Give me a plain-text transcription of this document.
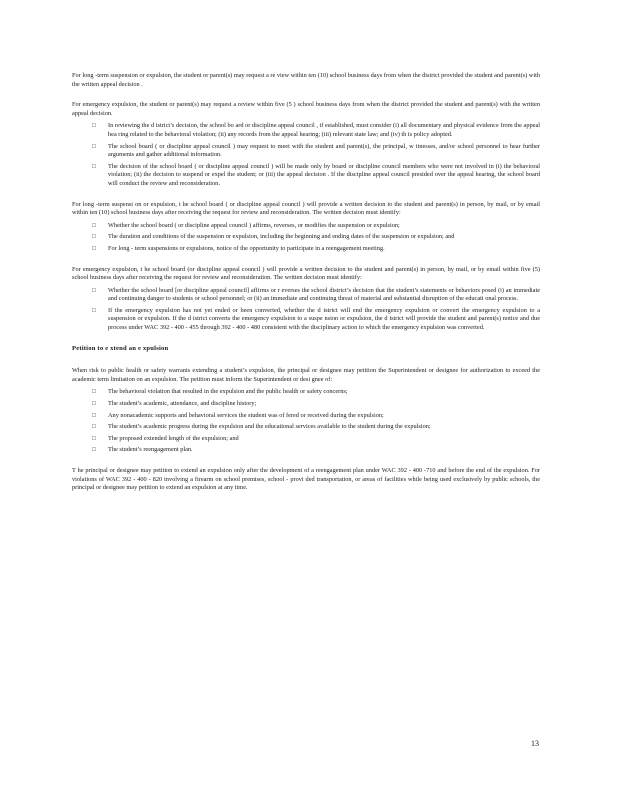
For long -term suspension or expulsion, the student or parent(s) may request a re view within ten (10) school business days from when the district provided the student and parent(s) with the written appeal decision .

For emergency expulsion, the student or parent(s) may request a review within five (5 ) school business days from when the district provided the student and parent(s) with the written appeal decision.

□ In reviewing the d istrict’s decision, the school bo ard or discipline appeal council , if established, must consider (i) all documentary and physical evidence from the appeal hea ring related to the behavioral violation; (ii) any records from the appeal hearing; (iii) relevant state law; and (iv) th is policy adopted.
□ The school board ( or discipline appeal council ) may request to meet with the student and parent(s), the principal, w itnesses, and/or school personnel to hear further arguments and gather additional information.
□ The decision of the school board ( or discipline appeal council ) will be made only by board or discipline council members who were not involved in (i) the behavioral violation; (ii) the decision to suspend or expel the student; or (iii) the appeal decision . If the discipline appeal council presided over the appeal hearing, the school board will conduct the review and reconsideration.

For long -term suspensi on or expulsion, t he school board ( or discipline appeal council ) will provide a written decision to the student and parent(s) in person, by mail, or by email within ten (10) school business days after receiving the request for review and reconsideration. The written decision must identify:

□ Whether the school board ( or discipline appeal council ) affirms, reverses, or modifies the suspension or expulsion;
□ The duration and conditions of the suspension or expulsion, including the beginning and ending dates of the suspension or expulsion; and
□ For long - term suspensions or expulsions, notice of the opportunity to participate in a reengagement meeting.

For emergency expulsion, t he school board (or discipline appeal council ) will provide a written decision to the student and parent(s) in person, by mail, or by email within five (5) school business days after receiving the request for review and reconsideration. The written decision must identify:

□ Whether the school board [or discipline appeal council] affirms or r everses the school district’s decision that the student’s statements or behaviors posed (i) an immediate and continuing danger to students or school personnel; or (ii) an immediate and continuing threat of material and substantial disruption of the educati onal process.
□ If the emergency expulsion has not yet ended or been converted, whether the d istrict will end the emergency expulsion or convert the emergency expulsion to a suspension or expulsion. If the d istrict converts the emergency expulsion to a suspe nsion or expulsion, the d istrict will provide the student and parent(s) notice and due process under WAC 392 - 400 - 455 through 392 - 400 - 480 consistent with the disciplinary action to which the emergency expulsion was converted.
Petition to e xtend an e xpulsion

When risk to public health or safety warrants extending a student’s expulsion, the principal or designee may petition the Superintendent or designee for authorization to exceed the academic term limitation on an expulsion. The petition must inform the Superintendent or desi gnee of:

□ The behavioral violation that resulted in the expulsion and the public health or safety concerns;
□ The student’s academic, attendance, and discipline history;
□ Any nonacademic supports and behavioral services the student was of fered or received during the expulsion;
□ The student’s academic progress during the expulsion and the educational services available to the student during the expulsion;
□ The proposed extended length of the expulsion; and
□ The student’s reengagement plan.

T he principal or designee may petition to extend an expulsion only after the development of a reengagement plan under WAC 392 - 400 -710 and before the end of the expulsion. For violations of WAC 392 - 400 - 820 involving a firearm on school premises, school - provi ded transportation, or areas of facilities while being used exclusively by public schools, the principal or designee may petition to extend an expulsion at any time.

13
